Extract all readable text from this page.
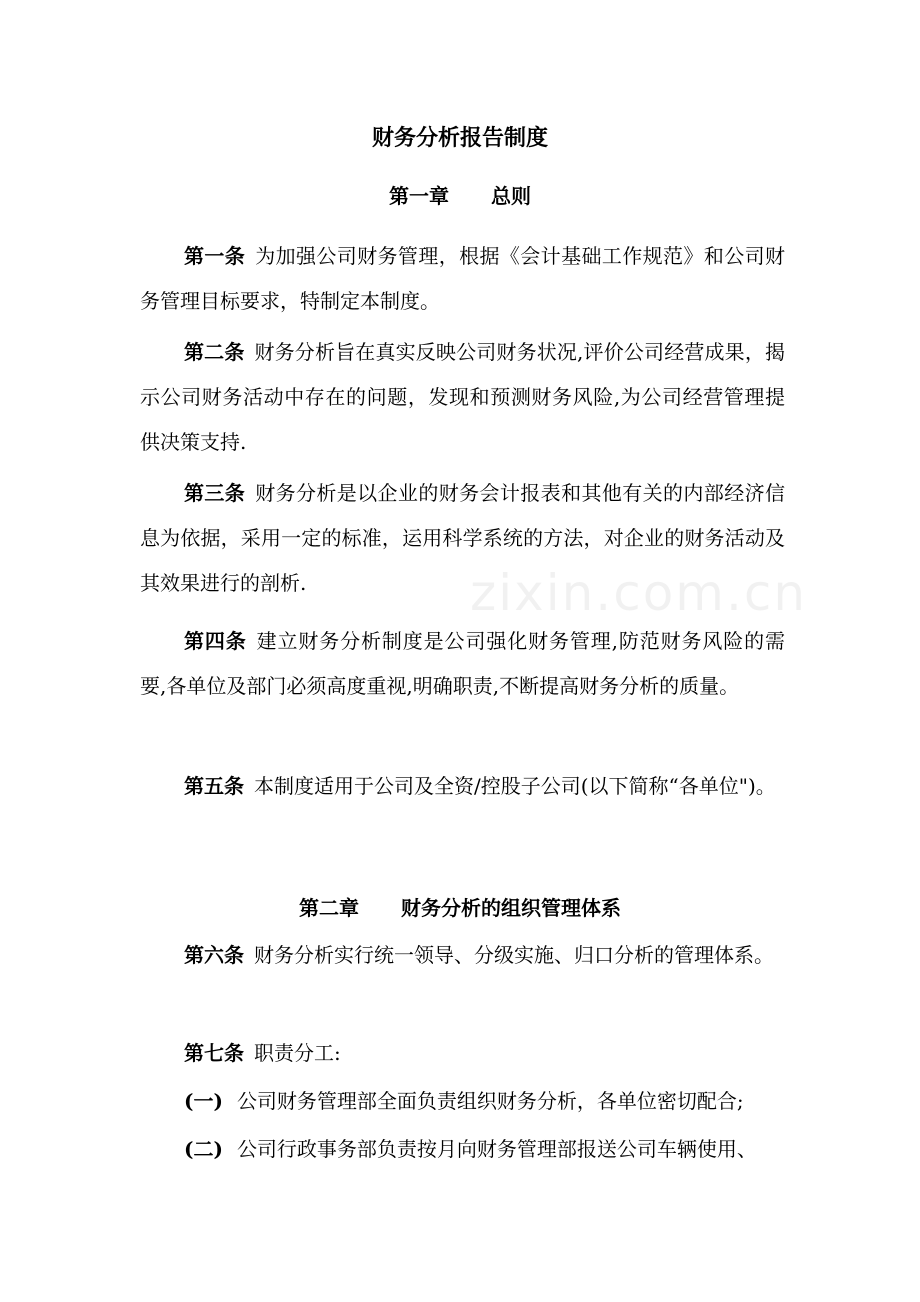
财务分析报告制度
第一章 总则
第一条 为加强公司财务管理，根据《会计基础工作规范》和公司财务管理目标要求，特制定本制度。
第二条 财务分析旨在真实反映公司财务状况,评价公司经营成果，揭示公司财务活动中存在的问题，发现和预测财务风险,为公司经营管理提供决策支持.
第三条 财务分析是以企业的财务会计报表和其他有关的内部经济信息为依据，采用一定的标准，运用科学系统的方法，对企业的财务活动及其效果进行的剖析.
第四条 建立财务分析制度是公司强化财务管理,防范财务风险的需要,各单位及部门必须高度重视,明确职责,不断提高财务分析的质量。
第五条 本制度适用于公司及全资/控股子公司(以下简称“各单位")。
第二章 财务分析的组织管理体系
第六条 财务分析实行统一领导、分级实施、归口分析的管理体系。
第七条 职责分工:
(一) 公司财务管理部全面负责组织财务分析，各单位密切配合;
(二) 公司行政事务部负责按月向财务管理部报送公司车辆使用、
zixin.com.cn
